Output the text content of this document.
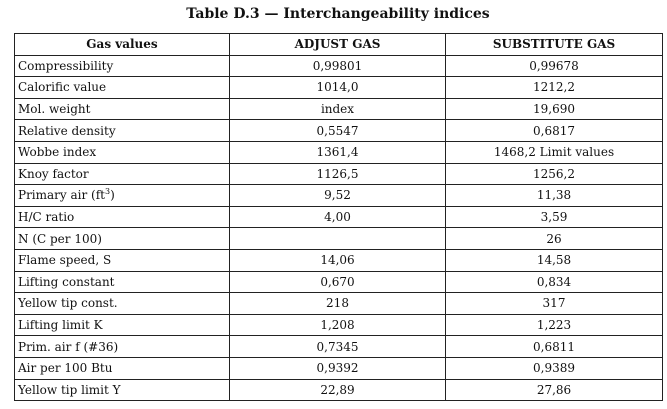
Table D.3 — Interchangeability indices
Gas values	ADJUST GAS	SUBSTITUTE GAS
Compressibility	0,99801	0,99678
Calorific value	1014,0	1212,2
Mol. weight	index	19,690
Relative density	0,5547	0,6817
Wobbe index	1361,4	1468,2 Limit values
Knoy factor	1126,5	1256,2
Primary air $(ft^3)$	9,52	11,38
H/C ratio	4,00	3,59
N (C per 100)		26
Flame speed, S	14,06	14,58
Lifting constant	0,670	0,834
Yellow tip const.	218	317
Lifting limit K	1,208	1,223
Prim. air f (#36)	0,7345	0,6811
Air per 100 Btu	0,9392	0,9389
Yellow tip limit Y	22,89	27,86
